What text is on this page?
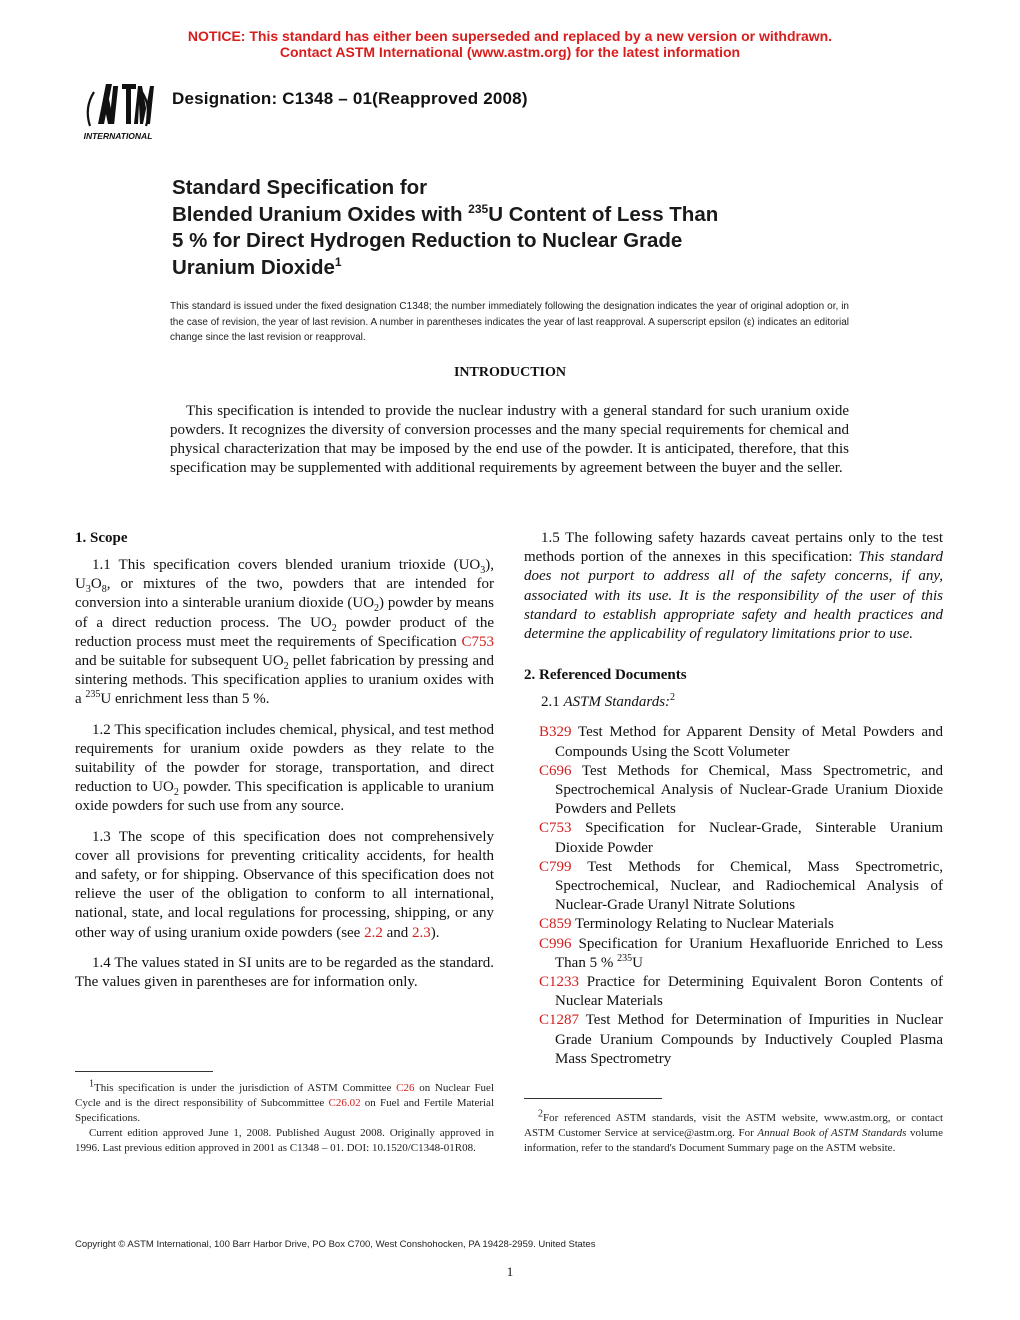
NOTICE: This standard has either been superseded and replaced by a new version or withdrawn.
Contact ASTM International (www.astm.org) for the latest information
INTERNATIONAL
Designation: C1348 – 01(Reapproved 2008)
Standard Specification for
Blended Uranium Oxides with $^{235}$U Content of Less Than
5 % for Direct Hydrogen Reduction to Nuclear Grade
Uranium Dioxide$^1$
This standard is issued under the fixed designation C1348; the number immediately following the designation indicates the year of original adoption or, in the case of revision, the year of last revision. A number in parentheses indicates the year of last reapproval. A superscript epsilon (ε) indicates an editorial change since the last revision or reapproval.
INTRODUCTION
This specification is intended to provide the nuclear industry with a general standard for such uranium oxide powders. It recognizes the diversity of conversion processes and the many special requirements for chemical and physical characterization that may be imposed by the end use of the powder. It is anticipated, therefore, that this specification may be supplemented with additional requirements by agreement between the buyer and the seller.
1. Scope

1.1 This specification covers blended uranium trioxide $(UO_3)$, $U_3O_8$, or mixtures of the two, powders that are intended for conversion into a sinterable uranium dioxide $(UO_2)$ powder by means of a direct reduction process. The $UO_2$ powder product of the reduction process must meet the requirements of Specification C753 and be suitable for subsequent $UO_2$ pellet fabrication by pressing and sintering methods. This specification applies to uranium oxides with a $^{235}$U enrichment less than 5 %.

1.2 This specification includes chemical, physical, and test method requirements for uranium oxide powders as they relate to the suitability of the powder for storage, transportation, and direct reduction to $UO_2$ powder. This specification is applicable to uranium oxide powders for such use from any source.

1.3 The scope of this specification does not comprehensively cover all provisions for preventing criticality accidents, for health and safety, or for shipping. Observance of this specification does not relieve the user of the obligation to conform to all international, national, state, and local regulations for processing, shipping, or any other way of using uranium oxide powders (see 2.2 and 2.3).

1.4 The values stated in SI units are to be regarded as the standard. The values given in parentheses are for information only.

1.5 The following safety hazards caveat pertains only to the test methods portion of the annexes in this specification: This standard does not purport to address all of the safety concerns, if any, associated with its use. It is the responsibility of the user of this standard to establish appropriate safety and health practices and determine the applicability of regulatory limitations prior to use.

2. Referenced Documents

2.1 ASTM Standards:$^2$

B329 Test Method for Apparent Density of Metal Powders and Compounds Using the Scott Volumeter
C696 Test Methods for Chemical, Mass Spectrometric, and Spectrochemical Analysis of Nuclear-Grade Uranium Dioxide Powders and Pellets
C753 Specification for Nuclear-Grade, Sinterable Uranium Dioxide Powder
C799 Test Methods for Chemical, Mass Spectrometric, Spectrochemical, Nuclear, and Radiochemical Analysis of Nuclear-Grade Uranyl Nitrate Solutions
C859 Terminology Relating to Nuclear Materials
C996 Specification for Uranium Hexafluoride Enriched to Less Than 5 % $^{235}$U
C1233 Practice for Determining Equivalent Boron Contents of Nuclear Materials
C1287 Test Method for Determination of Impurities in Nuclear Grade Uranium Compounds by Inductively Coupled Plasma Mass Spectrometry

$^1$This specification is under the jurisdiction of ASTM Committee C26 on Nuclear Fuel Cycle and is the direct responsibility of Subcommittee C26.02 on Fuel and Fertile Material Specifications.

Current edition approved June 1, 2008. Published August 2008. Originally approved in 1996. Last previous edition approved in 2001 as C1348 – 01. DOI: 10.1520/C1348-01R08.

$^2$For referenced ASTM standards, visit the ASTM website, www.astm.org, or contact ASTM Customer Service at service@astm.org. For Annual Book of ASTM Standards volume information, refer to the standard's Document Summary page on the ASTM website.

Copyright © ASTM International, 100 Barr Harbor Drive, PO Box C700, West Conshohocken, PA 19428-2959. United States
1
